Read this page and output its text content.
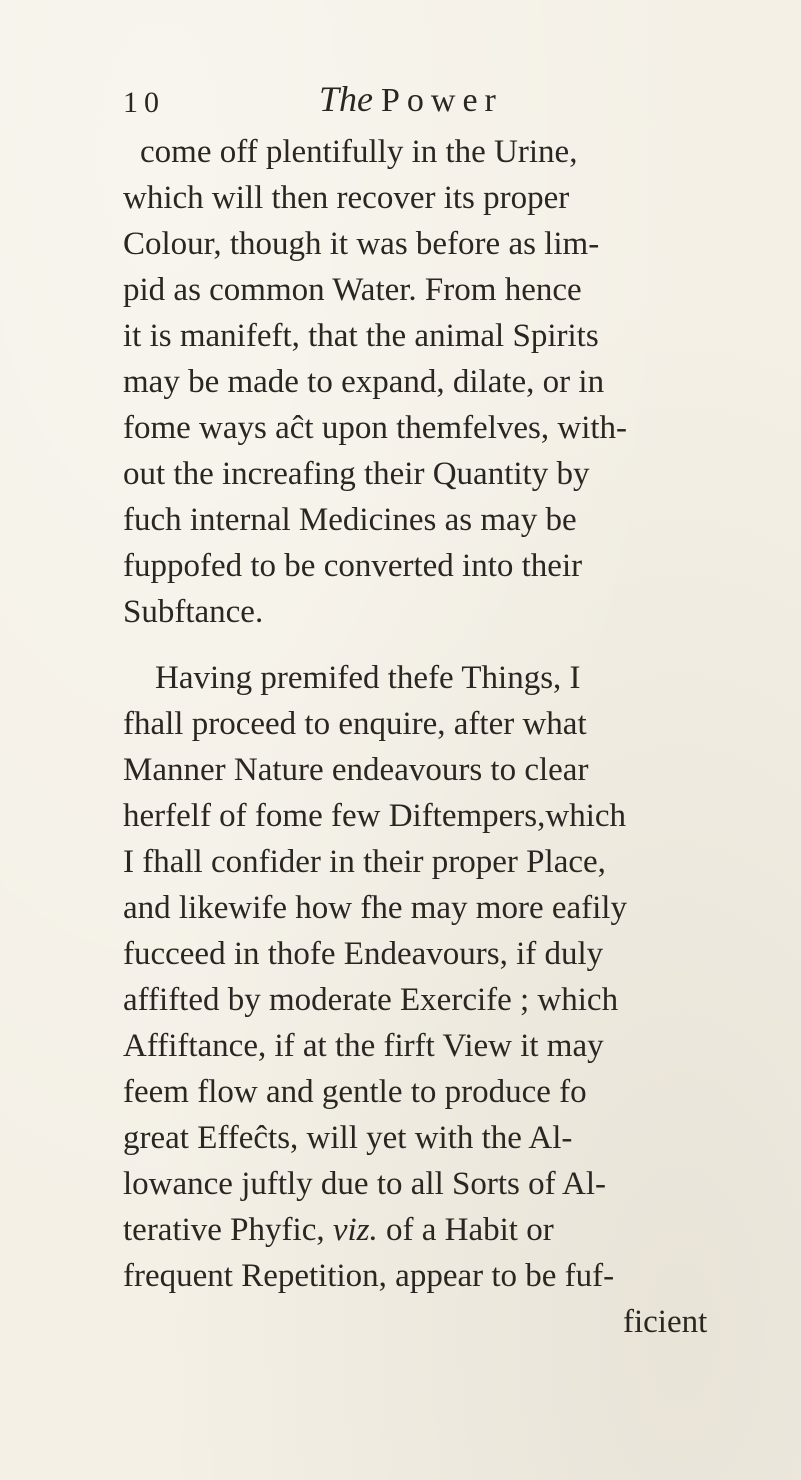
10	The Power
come off plentifully in the Urine,
which will then recover its proper
Colour, though it was before as lim-
pid as common Water. From hence
it is manifeft, that the animal Spirits
may be made to expand, dilate, or in
fome ways aĉt upon themfelves, with-
out the increafing their Quantity by
fuch internal Medicines as may be
fuppofed to be converted into their
Subftance.
Having premifed thefe Things, I
fhall proceed to enquire, after what
Manner Nature endeavours to clear
herfelf of fome few Diftempers,which
I fhall confider in their proper Place,
and likewife how fhe may more eafily
fucceed in thofe Endeavours, if duly
affifted by moderate Exercife ; which
Affiftance, if at the firft View it may
feem flow and gentle to produce fo
great Effeĉts, will yet with the Al-
lowance juftly due to all Sorts of Al-
terative Phyfic, viz. of a Habit or
frequent Repetition, appear to be fuf-
ficient
